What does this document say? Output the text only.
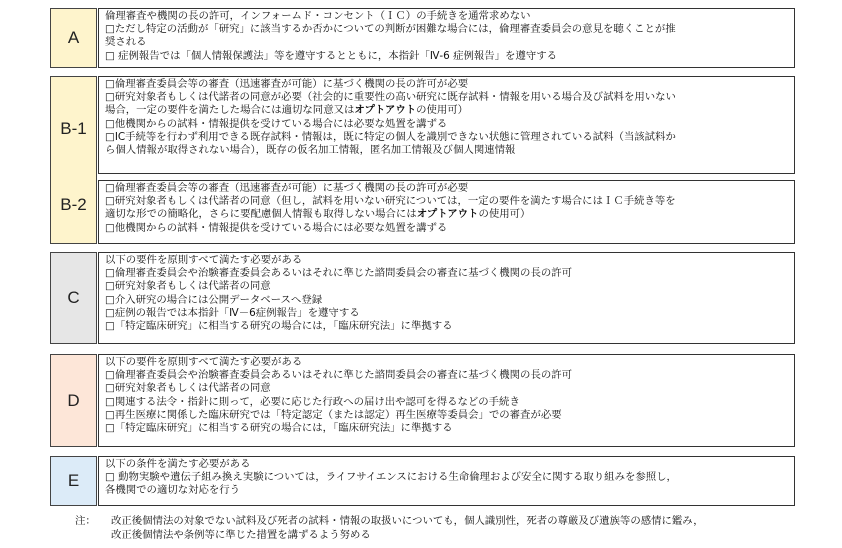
A
倫理審査や機関の長の許可，インフォームド・コンセント（ＩＣ）の手続きを通常求めない
□ただし特定の活動が「研究」に該当するか否かについての判断が困難な場合には，倫理審査委員会の意見を聴くことが推
奨される
□ 症例報告では「個人情報保護法」等を遵守するとともに，本指針「Ⅳ-6 症例報告」を遵守する
B-1
B-2
□倫理審査委員会等の審査（迅速審査が可能）に基づく機関の長の許可が必要
□研究対象者もしくは代諾者の同意が必要（社会的に重要性の高い研究に既存試料・情報を用いる場合及び試料を用いない
場合，一定の要件を満たした場合には適切な同意又はオプトアウトの使用可）
□他機関からの試料・情報提供を受けている場合には必要な処置を講ずる
□IC手続等を行わず利用できる既存試料・情報は，既に特定の個人を識別できない状態に管理されている試料（当該試料か
ら個人情報が取得されない場合），既存の仮名加工情報，匿名加工情報及び個人関連情報
□倫理審査委員会等の審査（迅速審査が可能）に基づく機関の長の許可が必要
□研究対象者もしくは代諾者の同意（但し，試料を用いない研究については，一定の要件を満たす場合にはＩＣ手続き等を
適切な形での簡略化，さらに要配慮個人情報も取得しない場合にはオプトアウトの使用可）
□他機関からの試料・情報提供を受けている場合には必要な処置を講ずる
C
以下の要件を原則すべて満たす必要がある
□倫理審査委員会や治験審査委員会あるいはそれに準じた諮問委員会の審査に基づく機関の長の許可
□研究対象者もしくは代諾者の同意
□介入研究の場合には公開データベースへ登録
□症例の報告では本指針「Ⅳ－6症例報告」を遵守する
□「特定臨床研究」に相当する研究の場合には，「臨床研究法」に準拠する
D
以下の要件を原則すべて満たす必要がある
□倫理審査委員会や治験審査委員会あるいはそれに準じた諮問委員会の審査に基づく機関の長の許可
□研究対象者もしくは代諾者の同意
□関連する法令・指針に則って，必要に応じた行政への届け出や認可を得るなどの手続き
□再生医療に関係した臨床研究では「特定認定（または認定）再生医療等委員会」での審査が必要
□「特定臨床研究」に相当する研究の場合には，「臨床研究法」に準拠する
E
以下の条件を満たす必要がある
□ 動物実験や遺伝子組み換え実験については，ライフサイエンスにおける生命倫理および安全に関する取り組みを参照し，
各機関での適切な対応を行う
注： 改正後個情法の対象でない試料及び死者の試料・情報の取扱いについても，個人識別性，死者の尊厳及び遺族等の感情に鑑み，
改正後個情法や条例等に準じた措置を講ずるよう努める
